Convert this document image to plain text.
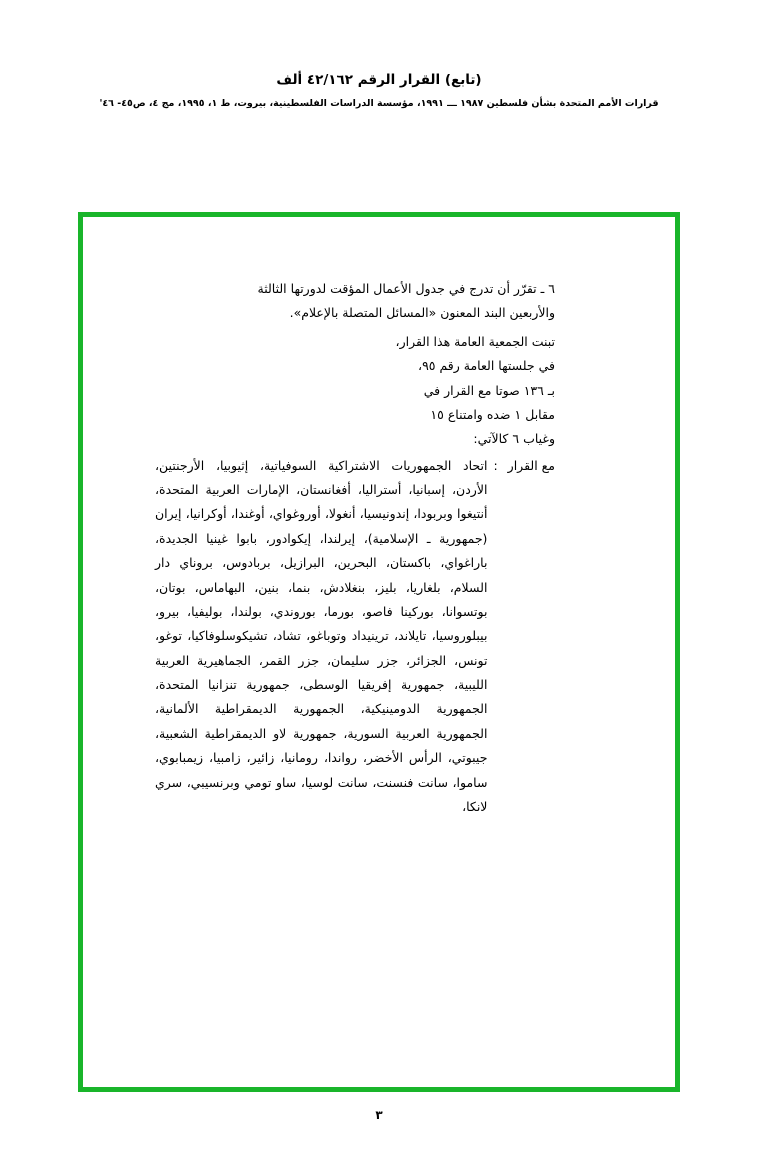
(تابع) القرار الرقم ٤٢/١٦٢ ألف
قرارات الأمم المتحدة بشأن فلسطين ١٩٨٧ ـــ ١٩٩١، مؤسسة الدراسات الفلسطينية، بيروت، ط ١، ١٩٩٥، مج ٤، ص٤٥- ٤٦'
٦ ـ تقرّر أن تدرج في جدول الأعمال المؤقت لدورتها الثالثة
والأربعين البند المعنون «المسائل المتصلة بالإعلام».
تبنت الجمعية العامة هذا القرار،
في جلستها العامة رقم ٩٥،
بـ ١٣٦ صوتا مع القرار في
مقابل ١ ضده وامتناع ١٥
وغياب ٦ كالآتي:
مع القرار
:
اتحاد الجمهوريات الاشتراكية السوفياتية، إثيوبيا، الأرجنتين، الأردن، إسبانيا، أستراليا، أفغانستان، الإمارات العربية المتحدة، أنتيغوا وبربودا، إندونيسيا، أنغولا، أوروغواي، أوغندا، أوكرانيا، إيران (جمهورية ـ الإسلامية)، إيرلندا، إيكوادور، بابوا غينيا الجديدة، باراغواي، باكستان، البحرين، البرازيل، بربادوس، بروناي دار السلام، بلغاريا، بليز، بنغلادش، بنما، بنين، البهاماس، بوتان، بوتسوانا، بوركينا فاصو، بورما، بوروندي، بولندا، بوليفيا، بيرو، بيبلوروسيا، تايلاند، ترينيداد وتوباغو، تشاد، تشيكوسلوفاكيا، توغو، تونس، الجزائر، جزر سليمان، جزر القمر، الجماهيرية العربية الليبية، جمهورية إفريقيا الوسطى، جمهورية تنزانيا المتحدة، الجمهورية الدومينيكية، الجمهورية الديمقراطية الألمانية، الجمهورية العربية السورية، جمهورية لاو الديمقراطية الشعبية، جيبوتي، الرأس الأخضر، رواندا، رومانيا، زائير، زامبيا، زيمبابوي، ساموا، سانت فنسنت، سانت لوسيا، ساو تومي وبرنسيبي، سري لانكا،
٣
